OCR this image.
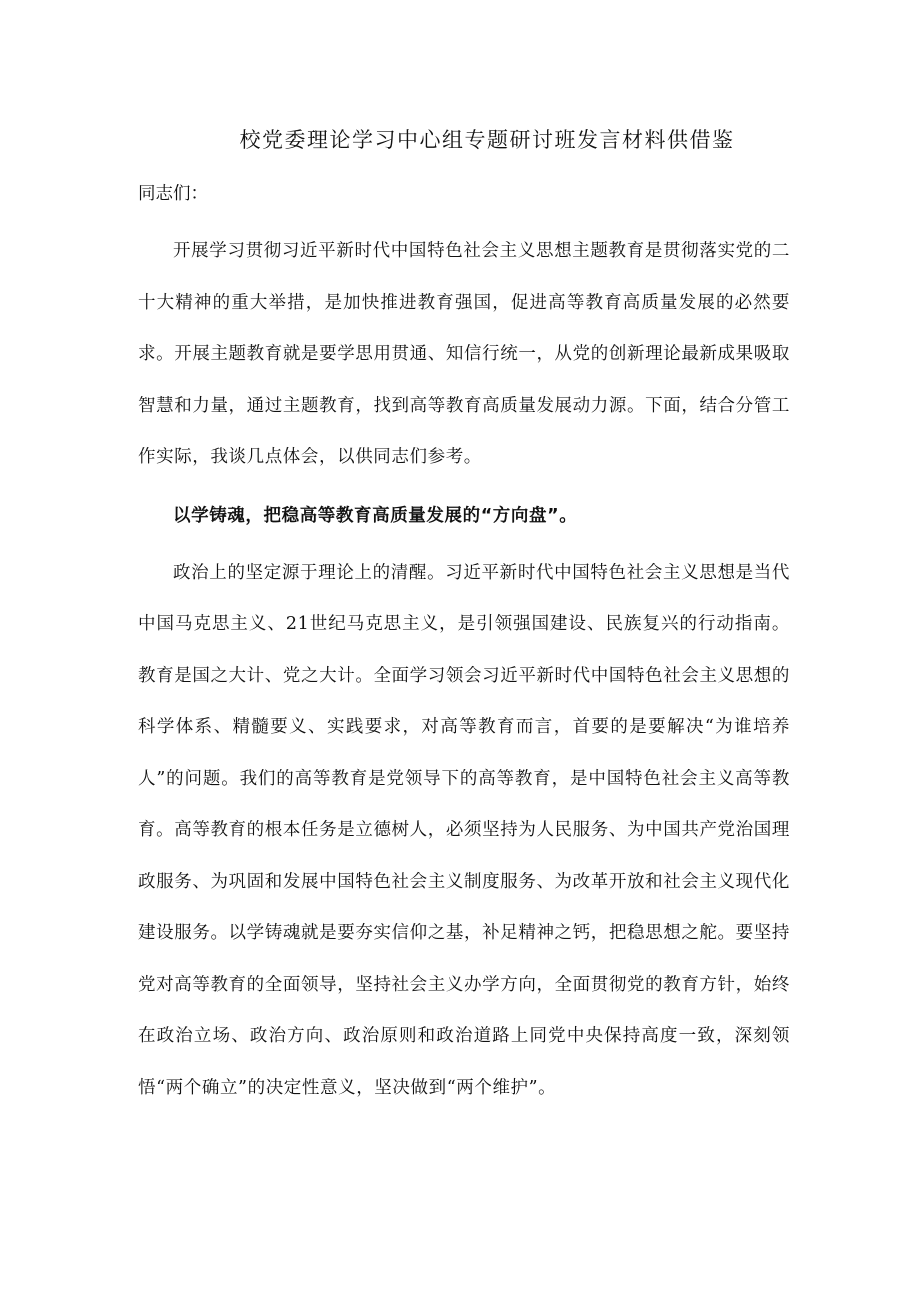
校党委理论学习中心组专题研讨班发言材料供借鉴

同志们：

开展学习贯彻习近平新时代中国特色社会主义思想主题教育是贯彻落实党的二十大精神的重大举措，是加快推进教育强国，促进高等教育高质量发展的必然要求。开展主题教育就是要学思用贯通、知信行统一，从党的创新理论最新成果吸取智慧和力量，通过主题教育，找到高等教育高质量发展动力源。下面，结合分管工作实际，我谈几点体会，以供同志们参考。

以学铸魂，把稳高等教育高质量发展的“方向盘”。

政治上的坚定源于理论上的清醒。习近平新时代中国特色社会主义思想是当代中国马克思主义、21世纪马克思主义，是引领强国建设、民族复兴的行动指南。教育是国之大计、党之大计。全面学习领会习近平新时代中国特色社会主义思想的科学体系、精髓要义、实践要求，对高等教育而言，首要的是要解决“为谁培养人”的问题。我们的高等教育是党领导下的高等教育，是中国特色社会主义高等教育。高等教育的根本任务是立德树人，必须坚持为人民服务、为中国共产党治国理政服务、为巩固和发展中国特色社会主义制度服务、为改革开放和社会主义现代化建设服务。以学铸魂就是要夯实信仰之基，补足精神之钙，把稳思想之舵。要坚持党对高等教育的全面领导，坚持社会主义办学方向，全面贯彻党的教育方针，始终在政治立场、政治方向、政治原则和政治道路上同党中央保持高度一致，深刻领悟“两个确立”的决定性意义，坚决做到“两个维护”。
